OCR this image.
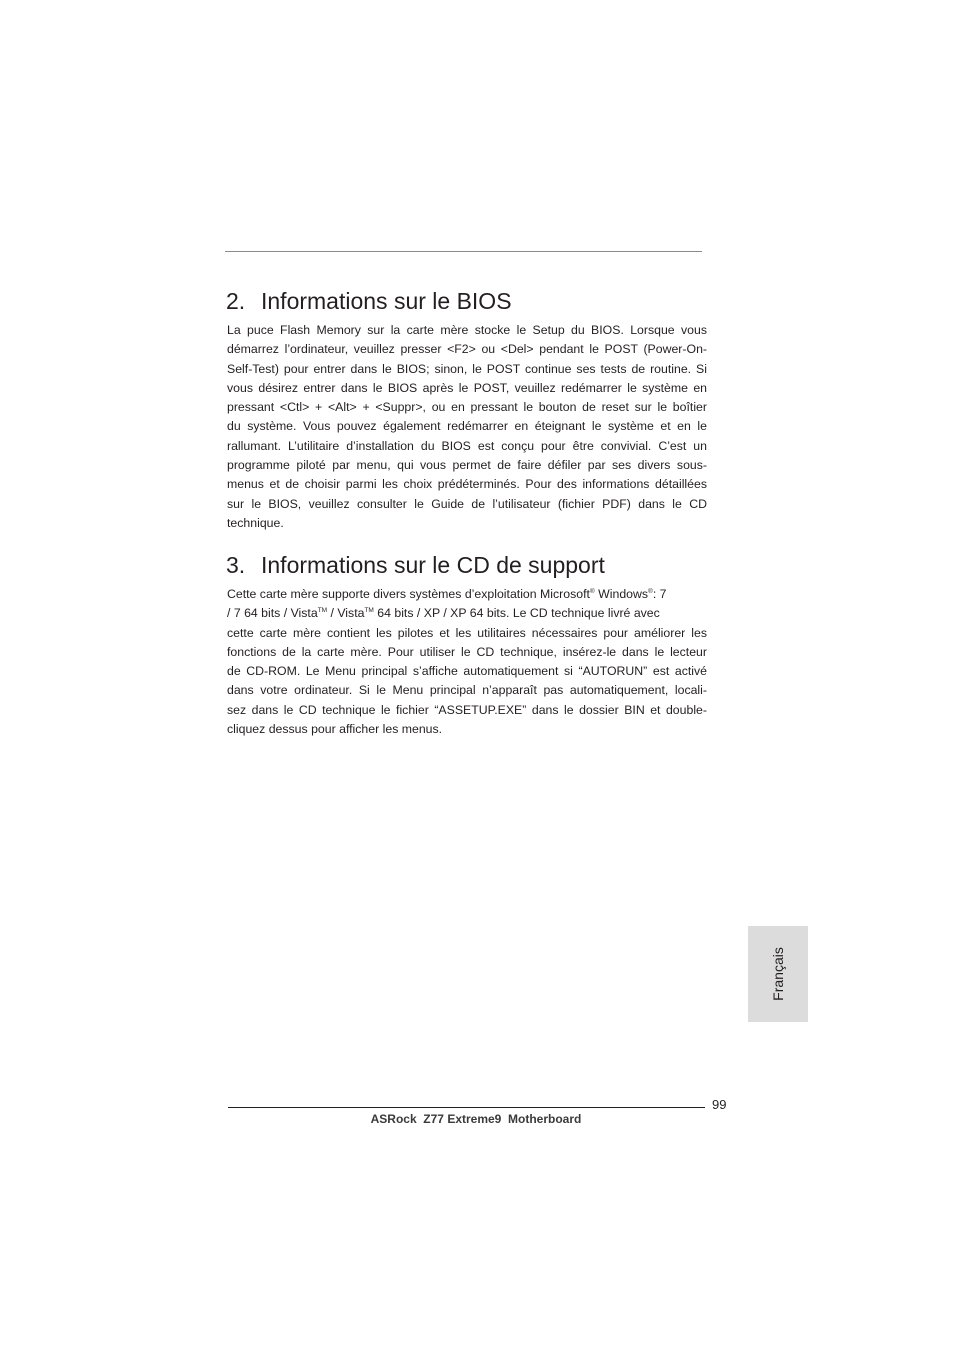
2. Informations sur le BIOS
La puce Flash Memory sur la carte mère stocke le Setup du BIOS. Lorsque vous
démarrez l’ordinateur, veuillez presser <F2> ou <Del> pendant le POST (Power-On-
Self-Test) pour entrer dans le BIOS; sinon, le POST continue ses tests de routine. Si
vous désirez entrer dans le BIOS après le POST, veuillez redémarrer le système en
pressant <Ctl> + <Alt> + <Suppr>, ou en pressant le bouton de reset sur le boîtier
du système. Vous pouvez également redémarrer en éteignant le système et en le
rallumant. L’utilitaire d’installation du BIOS est conçu pour être convivial. C’est un
programme piloté par menu, qui vous permet de faire défiler par ses divers sous-
menus et de choisir parmi les choix prédéterminés. Pour des informations détaillées
sur le BIOS, veuillez consulter le Guide de l’utilisateur (fichier PDF) dans le CD
technique.
3. Informations sur le CD de support
Cette carte mère supporte divers systèmes d’exploitation Microsoft® Windows®: 7
/ 7 64 bits / Vista™ / Vista™ 64 bits / XP / XP 64 bits. Le CD technique livré avec
cette carte mère contient les pilotes et les utilitaires nécessaires pour améliorer les
fonctions de la carte mère. Pour utiliser le CD technique, insérez-le dans le lecteur
de CD-ROM. Le Menu principal s’affiche automatiquement si “AUTORUN” est activé
dans votre ordinateur. Si le Menu principal n’apparaît pas automatiquement, locali-
sez dans le CD technique le fichier “ASSETUP.EXE” dans le dossier BIN et double-
cliquez dessus pour afficher les menus.
Français
99
ASRock  Z77 Extreme9  Motherboard
